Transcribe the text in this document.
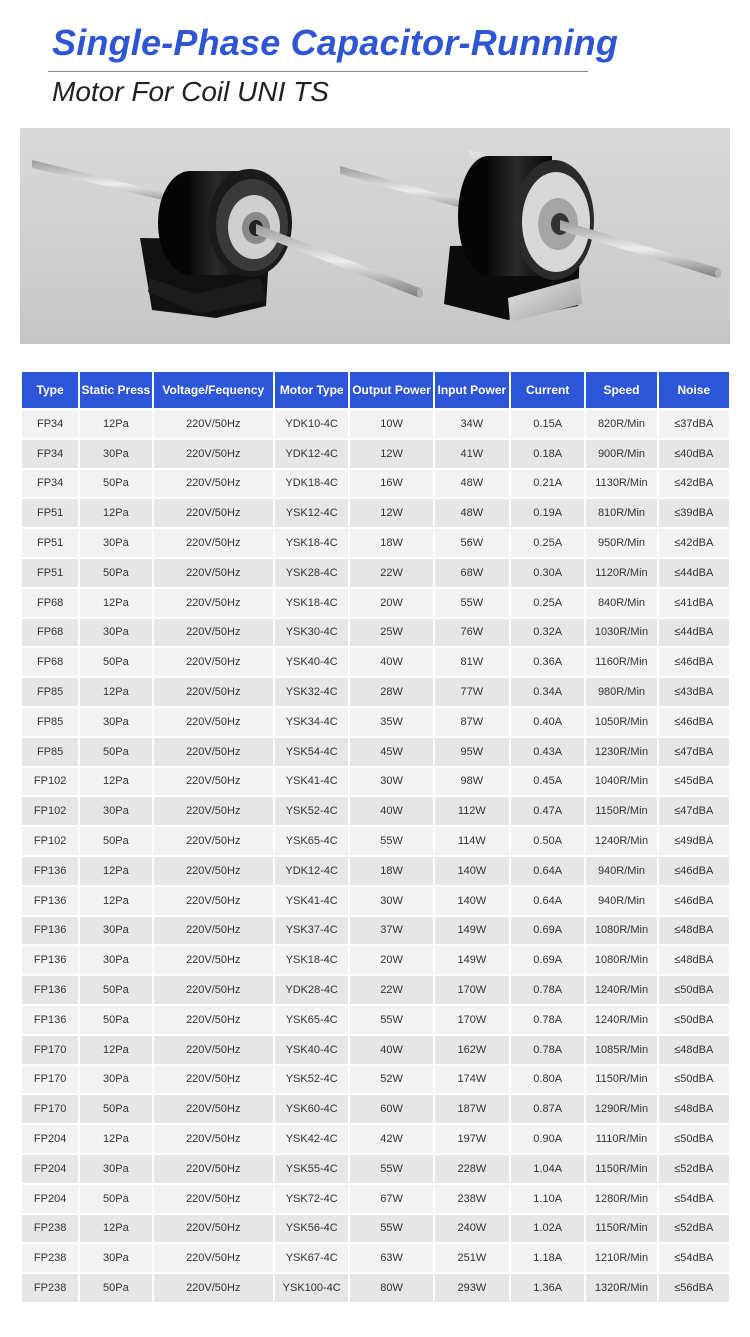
Single-Phase Capacitor-Running
Motor For Coil UNI TS
Type	Static Press	Voltage/Fequency	Motor Type	Output Power	Input Power	Current	Speed	Noise
FP34	12Pa	220V/50Hz	YDK10-4C	10W	34W	0.15A	820R/Min	≤37dBA
FP34	30Pa	220V/50Hz	YDK12-4C	12W	41W	0.18A	900R/Min	≤40dBA
FP34	50Pa	220V/50Hz	YDK18-4C	16W	48W	0.21A	1130R/Min	≤42dBA
FP51	12Pa	220V/50Hz	YSK12-4C	12W	48W	0.19A	810R/Min	≤39dBA
FP51	30Pa	220V/50Hz	YSK18-4C	18W	56W	0.25A	950R/Min	≤42dBA
FP51	50Pa	220V/50Hz	YSK28-4C	22W	68W	0.30A	1120R/Min	≤44dBA
FP68	12Pa	220V/50Hz	YSK18-4C	20W	55W	0.25A	840R/Min	≤41dBA
FP68	30Pa	220V/50Hz	YSK30-4C	25W	76W	0.32A	1030R/Min	≤44dBA
FP68	50Pa	220V/50Hz	YSK40-4C	40W	81W	0.36A	1160R/Min	≤46dBA
FP85	12Pa	220V/50Hz	YSK32-4C	28W	77W	0.34A	980R/Min	≤43dBA
FP85	30Pa	220V/50Hz	YSK34-4C	35W	87W	0.40A	1050R/Min	≤46dBA
FP85	50Pa	220V/50Hz	YSK54-4C	45W	95W	0.43A	1230R/Min	≤47dBA
FP102	12Pa	220V/50Hz	YSK41-4C	30W	98W	0.45A	1040R/Min	≤45dBA
FP102	30Pa	220V/50Hz	YSK52-4C	40W	112W	0.47A	1150R/Min	≤47dBA
FP102	50Pa	220V/50Hz	YSK65-4C	55W	114W	0.50A	1240R/Min	≤49dBA
FP136	12Pa	220V/50Hz	YDK12-4C	18W	140W	0.64A	940R/Min	≤46dBA
FP136	12Pa	220V/50Hz	YSK41-4C	30W	140W	0.64A	940R/Min	≤46dBA
FP136	30Pa	220V/50Hz	YSK37-4C	37W	149W	0.69A	1080R/Min	≤48dBA
FP136	30Pa	220V/50Hz	YSK18-4C	20W	149W	0.69A	1080R/Min	≤48dBA
FP136	50Pa	220V/50Hz	YDK28-4C	22W	170W	0.78A	1240R/Min	≤50dBA
FP136	50Pa	220V/50Hz	YSK65-4C	55W	170W	0.78A	1240R/Min	≤50dBA
FP170	12Pa	220V/50Hz	YSK40-4C	40W	162W	0.78A	1085R/Min	≤48dBA
FP170	30Pa	220V/50Hz	YSK52-4C	52W	174W	0.80A	1150R/Min	≤50dBA
FP170	50Pa	220V/50Hz	YSK60-4C	60W	187W	0.87A	1290R/Min	≤48dBA
FP204	12Pa	220V/50Hz	YSK42-4C	42W	197W	0.90A	1110R/Min	≤50dBA
FP204	30Pa	220V/50Hz	YSK55-4C	55W	228W	1.04A	1150R/Min	≤52dBA
FP204	50Pa	220V/50Hz	YSK72-4C	67W	238W	1.10A	1280R/Min	≤54dBA
FP238	12Pa	220V/50Hz	YSK56-4C	55W	240W	1.02A	1150R/Min	≤52dBA
FP238	30Pa	220V/50Hz	YSK67-4C	63W	251W	1.18A	1210R/Min	≤54dBA
FP238	50Pa	220V/50Hz	YSK100-4C	80W	293W	1.36A	1320R/Min	≤56dBA
